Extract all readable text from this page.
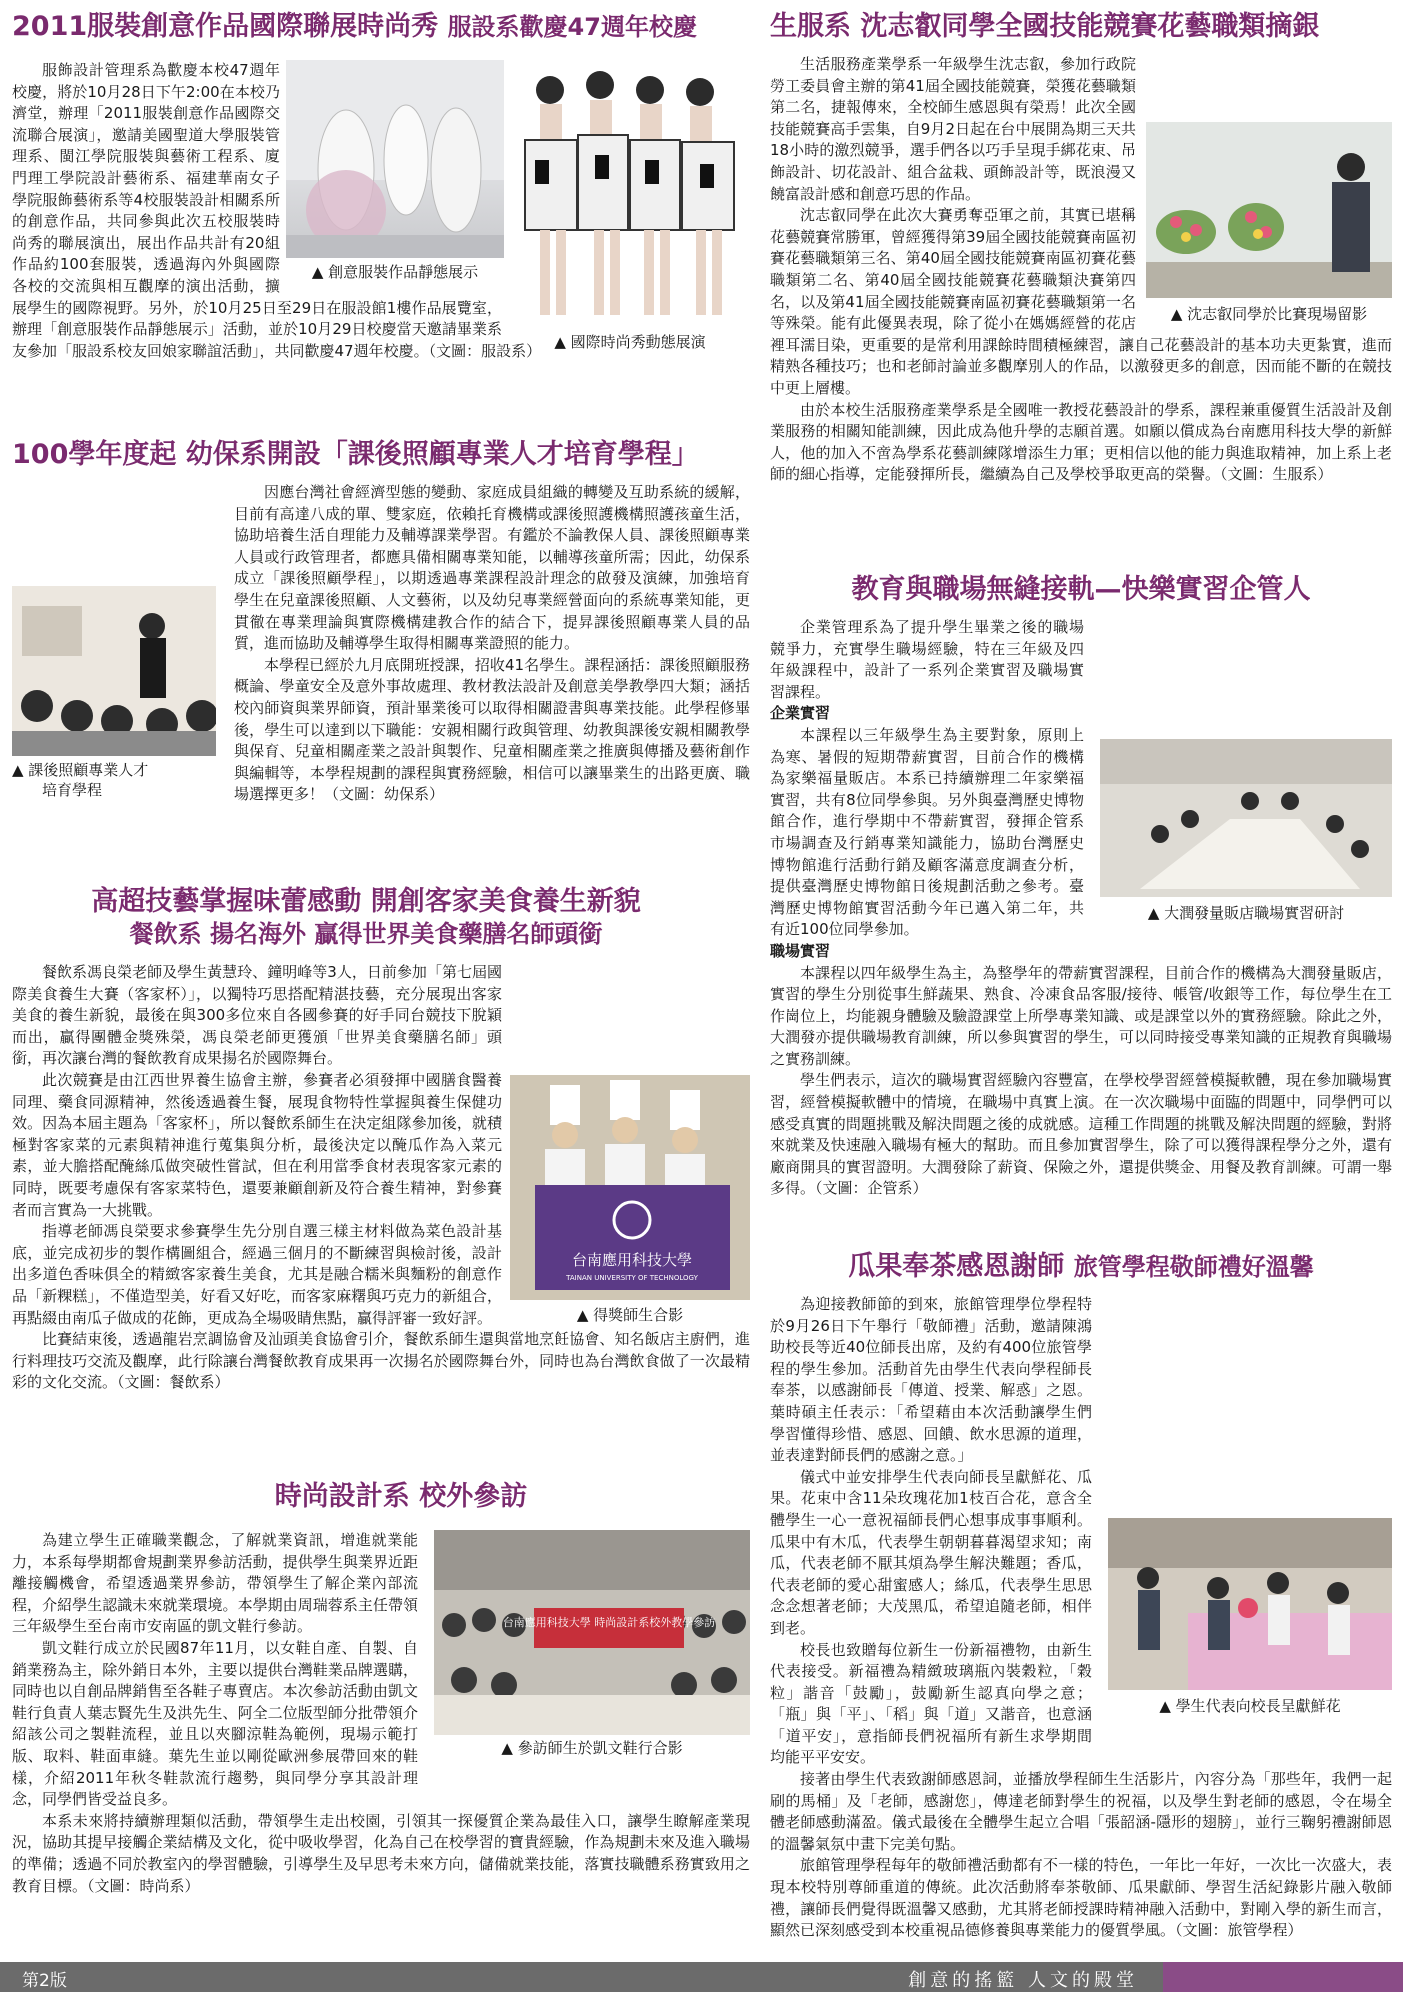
2011服裝創意作品國際聯展時尚秀 服設系歡慶47週年校慶
▲ 創意服裝作品靜態展示
▲ 國際時尚秀動態展演

服飾設計管理系為歡慶本校47週年校慶，將於10月28日下午2:00在本校乃濟堂，辦理「2011服裝創意作品國際交流聯合展演」，邀請美國聖道大學服裝管理系、閩江學院服裝與藝術工程系、廈門理工學院設計藝術系、福建華南女子學院服飾藝術系等4校服裝設計相關系所的創意作品，共同參與此次五校服裝時尚秀的聯展演出，展出作品共計有20組作品約100套服裝，透過海內外與國際各校的交流與相互觀摩的演出活動，擴展學生的國際視野。另外，於10月25日至29日在服設館1樓作品展覽室，辦理「創意服裝作品靜態展示」活動，並於10月29日校慶當天邀請畢業系友參加「服設系校友回娘家聯誼活動」，共同歡慶47週年校慶。（文圖：服設系）

100學年度起 幼保系開設「課後照顧專業人才培育學程」
▲ 課後照顧專業人才
培育學程

因應台灣社會經濟型態的變動、家庭成員組織的轉變及互助系統的緩解，目前有高達八成的單、雙家庭，依賴托育機構或課後照護機構照護孩童生活，協助培養生活自理能力及輔導課業學習。有鑑於不論教保人員、課後照顧專業人員或行政管理者，都應具備相關專業知能，以輔導孩童所需；因此，幼保系成立「課後照顧學程」，以期透過專業課程設計理念的啟發及演練，加強培育學生在兒童課後照顧、人文藝術，以及幼兒專業經營面向的系統專業知能，更貫徹在專業理論與實際機構建教合作的結合下，提昇課後照顧專業人員的品質，進而協助及輔導學生取得相關專業證照的能力。

本學程已經於九月底開班授課，招收41名學生。課程涵括：課後照顧服務概論、學童安全及意外事故處理、教材教法設計及創意美學教學四大類；涵括校內師資與業界師資，預計畢業後可以取得相關證書與專業技能。此學程修畢後，學生可以達到以下職能：安親相關行政與管理、幼教與課後安親相關教學與保育、兒童相關產業之設計與製作、兒童相關產業之推廣與傳播及藝術創作與編輯等，本學程規劃的課程與實務經驗，相信可以讓畢業生的出路更廣、職場選擇更多！（文圖：幼保系）

高超技藝掌握味蕾感動 開創客家美食養生新貌
餐飲系 揚名海外 贏得世界美食藥膳名師頭銜
台南應用科技大學
TAINAN UNIVERSITY OF TECHNOLOGY
▲ 得獎師生合影

餐飲系馮良榮老師及學生黃慧玲、鐘明峰等3人，日前參加「第七屆國際美食養生大賽（客家杯）」，以獨特巧思搭配精湛技藝，充分展現出客家美食的養生新貌，最後在與300多位來自各國參賽的好手同台競技下脫穎而出，贏得團體金獎殊榮，馮良榮老師更獲頒「世界美食藥膳名師」頭銜，再次讓台灣的餐飲教育成果揚名於國際舞台。

此次競賽是由江西世界養生協會主辦，參賽者必須發揮中國膳食醫養同理、藥食同源精神，然後透過養生餐，展現食物特性掌握與養生保健功效。因為本屆主題為「客家杯」，所以餐飲系師生在決定組隊參加後，就積極對客家菜的元素與精神進行蒐集與分析，最後決定以醃瓜作為入菜元素，並大膽搭配醃絲瓜做突破性嘗試，但在利用當季食材表現客家元素的同時，既要考慮保有客家菜特色，還要兼顧創新及符合養生精神，對參賽者而言實為一大挑戰。

指導老師馮良榮要求參賽學生先分別自選三樣主材料做為菜色設計基底，並完成初步的製作構圖組合，經過三個月的不斷練習與檢討後，設計出多道色香味俱全的精緻客家養生美食，尤其是融合糯米與麵粉的創意作品「新粿糕」，不僅造型美，好看又好吃，而客家麻糬與巧克力的新組合，再點綴由南瓜子做成的花飾，更成為全場吸睛焦點，贏得評審一致好評。

比賽結束後，透過龍岩烹調協會及汕頭美食協會引介，餐飲系師生還與當地烹飪協會、知名飯店主廚們，進行料理技巧交流及觀摩，此行除讓台灣餐飲教育成果再一次揚名於國際舞台外，同時也為台灣飲食做了一次最精彩的文化交流。（文圖：餐飲系）

時尚設計系 校外參訪
台南應用科技大學 時尚設計系校外教學參訪
▲ 參訪師生於凱文鞋行合影

為建立學生正確職業觀念，了解就業資訊，增進就業能力，本系每學期都會規劃業界參訪活動，提供學生與業界近距離接觸機會，希望透過業界參訪，帶領學生了解企業內部流程，介紹學生認識未來就業環境。本學期由周瑞蓉系主任帶領三年級學生至台南市安南區的凱文鞋行參訪。

凱文鞋行成立於民國87年11月，以女鞋自產、自製、自銷業務為主，除外銷日本外，主要以提供台灣鞋業品牌選購，同時也以自創品牌銷售至各鞋子專賣店。本次參訪活動由凱文鞋行負責人葉志賢先生及洪先生、阿全二位版型師分批帶領介紹該公司之製鞋流程，並且以夾腳涼鞋為範例，現場示範打版、取料、鞋面車縫。葉先生並以剛從歐洲參展帶回來的鞋樣，介紹2011年秋冬鞋款流行趨勢，與同學分享其設計理念，同學們皆受益良多。

本系未來將持續辦理類似活動，帶領學生走出校園，引領其一探優質企業為最佳入口，讓學生瞭解產業現況，協助其提早接觸企業結構及文化，從中吸收學習，化為自己在校學習的寶貴經驗，作為規劃未來及進入職場的準備；透過不同於教室內的學習體驗，引導學生及早思考未來方向，儲備就業技能，落實技職體系務實致用之教育目標。（文圖：時尚系）

生服系 沈志叡同學全國技能競賽花藝職類摘銀
▲ 沈志叡同學於比賽現場留影

生活服務產業學系一年級學生沈志叡，參加行政院勞工委員會主辦的第41屆全國技能競賽，榮獲花藝職類第二名，捷報傳來，全校師生感恩與有榮焉！此次全國技能競賽高手雲集，自9月2日起在台中展開為期三天共18小時的激烈競爭，選手們各以巧手呈現手綁花束、吊飾設計、切花設計、組合盆栽、頭飾設計等，既浪漫又饒富設計感和創意巧思的作品。

沈志叡同學在此次大賽勇奪亞軍之前，其實已堪稱花藝競賽常勝軍，曾經獲得第39屆全國技能競賽南區初賽花藝職類第三名、第40屆全國技能競賽南區初賽花藝職類第二名、第40屆全國技能競賽花藝職類決賽第四名，以及第41屆全國技能競賽南區初賽花藝職類第一名等殊榮。能有此優異表現，除了從小在媽媽經營的花店裡耳濡目染，更重要的是常利用課餘時間積極練習，讓自己花藝設計的基本功夫更紮實，進而精熟各種技巧；也和老師討論並多觀摩別人的作品，以激發更多的創意，因而能不斷的在競技中更上層樓。

由於本校生活服務產業學系是全國唯一教授花藝設計的學系，課程兼重優質生活設計及創業服務的相關知能訓練，因此成為他升學的志願首選。如願以償成為台南應用科技大學的新鮮人，他的加入不啻為學系花藝訓練隊增添生力軍；更相信以他的能力與進取精神，加上系上老師的細心指導，定能發揮所長，繼續為自己及學校爭取更高的榮譽。（文圖：生服系）

教育與職場無縫接軌—快樂實習企管人
▲ 大潤發量販店職場實習研討

企業管理系為了提升學生畢業之後的職場競爭力，充實學生職場經驗，特在三年級及四年級課程中，設計了一系列企業實習及職場實習課程。

企業實習

本課程以三年級學生為主要對象，原則上為寒、暑假的短期帶薪實習，目前合作的機構為家樂福量販店。本系已持續辦理二年家樂福實習，共有8位同學參與。另外與臺灣歷史博物館合作，進行學期中不帶薪實習，發揮企管系市場調查及行銷專業知識能力，協助台灣歷史博物館進行活動行銷及顧客滿意度調查分析，提供臺灣歷史博物館日後規劃活動之參考。臺灣歷史博物館實習活動今年已邁入第二年，共有近100位同學參加。

職場實習

本課程以四年級學生為主，為整學年的帶薪實習課程，目前合作的機構為大潤發量販店，實習的學生分別從事生鮮蔬果、熟食、冷凍食品客服/接待、帳管/收銀等工作，每位學生在工作崗位上，均能親身體驗及驗證課堂上所學專業知識、或是課堂以外的實務經驗。除此之外，大潤發亦提供職場教育訓練，所以參與實習的學生，可以同時接受專業知識的正規教育與職場之實務訓練。

學生們表示，這次的職場實習經驗內容豐富，在學校學習經營模擬軟體，現在參加職場實習，經營模擬軟體中的情境，在職場中真實上演。在一次次職場中面臨的問題中，同學們可以感受真實的問題挑戰及解決問題之後的成就感。這種工作問題的挑戰及解決問題的經驗，對將來就業及快速融入職場有極大的幫助。而且參加實習學生，除了可以獲得課程學分之外，還有廠商開具的實習證明。大潤發除了薪資、保險之外，還提供獎金、用餐及教育訓練。可謂一舉多得。（文圖：企管系）

瓜果奉茶感恩謝師 旅管學程敬師禮好溫馨
▲ 學生代表向校長呈獻鮮花

為迎接教師節的到來，旅館管理學位學程特於9月26日下午舉行「敬師禮」活動，邀請陳鴻助校長等近40位師長出席，及約有400位旅管學程的學生參加。活動首先由學生代表向學程師長奉茶，以感謝師長「傳道、授業、解惑」之恩。葉時碩主任表示：「希望藉由本次活動讓學生們學習懂得珍惜、感恩、回饋、飲水思源的道理，並表達對師長們的感謝之意。」

儀式中並安排學生代表向師長呈獻鮮花、瓜果。花束中含11朵玫瑰花加1枝百合花，意含全體學生一心一意祝福師長們心想事成事事順利。瓜果中有木瓜，代表學生朝朝暮暮渴望求知；南瓜，代表老師不厭其煩為學生解決難題；香瓜，代表老師的愛心甜蜜感人；絲瓜，代表學生思思念念想著老師；大茂黑瓜，希望追隨老師，相伴到老。

校長也致贈每位新生一份新福禮物，由新生代表接受。新福禮為精緻玻璃瓶內裝穀粒，「穀粒」諧音「鼓勵」，鼓勵新生認真向學之意；「瓶」與「平」、「稻」與「道」又諧音，也意涵「道平安」，意指師長們祝福所有新生求學期間均能平平安安。

接著由學生代表致謝師感恩詞，並播放學程師生生活影片，內容分為「那些年，我們一起刷的馬桶」及「老師，感謝您」，傳達老師對學生的祝福，以及學生對老師的感恩，令在場全體老師感動滿盈。儀式最後在全體學生起立合唱「張韶涵-隱形的翅膀」，並行三鞠躬禮謝師恩的溫馨氣氛中畫下完美句點。

旅館管理學程每年的敬師禮活動都有不一樣的特色，一年比一年好，一次比一次盛大，表現本校特別尊師重道的傳統。此次活動將奉茶敬師、瓜果獻師、學習生活紀錄影片融入敬師禮，讓師長們覺得既溫馨又感動，尤其將老師授課時精神融入活動中，對剛入學的新生而言，顯然已深刻感受到本校重視品德修養與專業能力的優質學風。（文圖：旅管學程）

第2版	創意的搖籃 人文的殿堂
